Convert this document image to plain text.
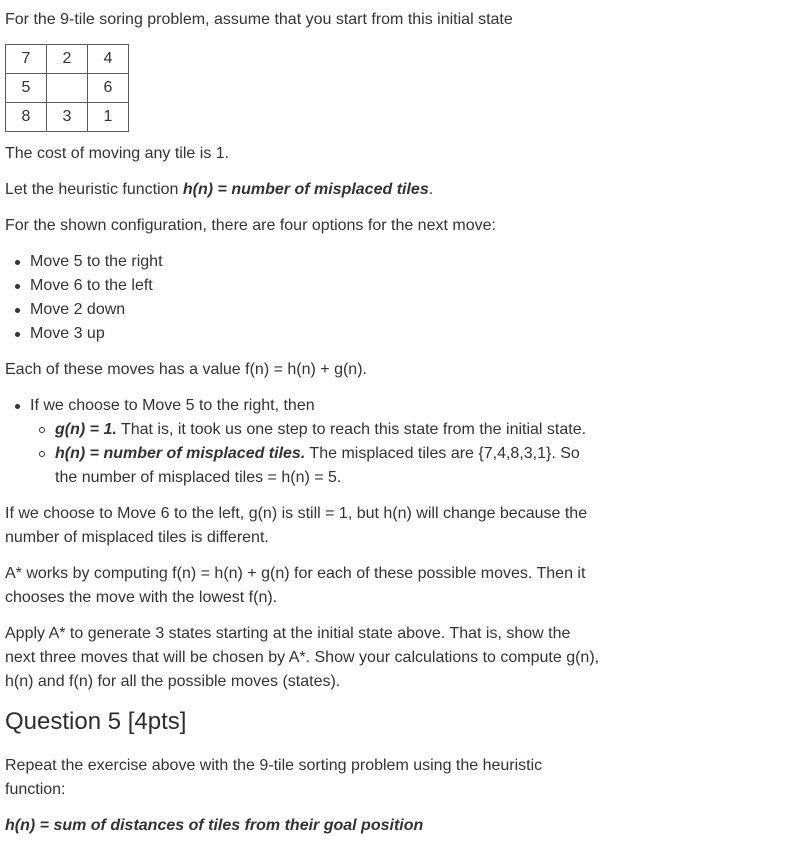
For the 9-tile soring problem, assume that you start from this initial state

7	2	4
5		6
8	3	1

The cost of moving any tile is 1.

Let the heuristic function h(n) = number of misplaced tiles.

For the shown configuration, there are four options for the next move:

Move 5 to the right
Move 6 to the left
Move 2 down
Move 3 up

Each of these moves has a value f(n) = h(n) + g(n).

If we choose to Move 5 to the right, then
g(n) = 1. That is, it took us one step to reach this state from the initial state.
h(n) = number of misplaced tiles. The misplaced tiles are {7,4,8,3,1}. So the number of misplaced tiles = h(n) = 5.

If we choose to Move 6 to the left, g(n) is still = 1, but h(n) will change because the number of misplaced tiles is different.

A* works by computing f(n) = h(n) + g(n) for each of these possible moves. Then it chooses the move with the lowest f(n).

Apply A* to generate 3 states starting at the initial state above. That is, show the next three moves that will be chosen by A*. Show your calculations to compute g(n), h(n) and f(n) for all the possible moves (states).

Question 5 [4pts]

Repeat the exercise above with the 9-tile sorting problem using the heuristic function:

h(n) = sum of distances of tiles from their goal position
